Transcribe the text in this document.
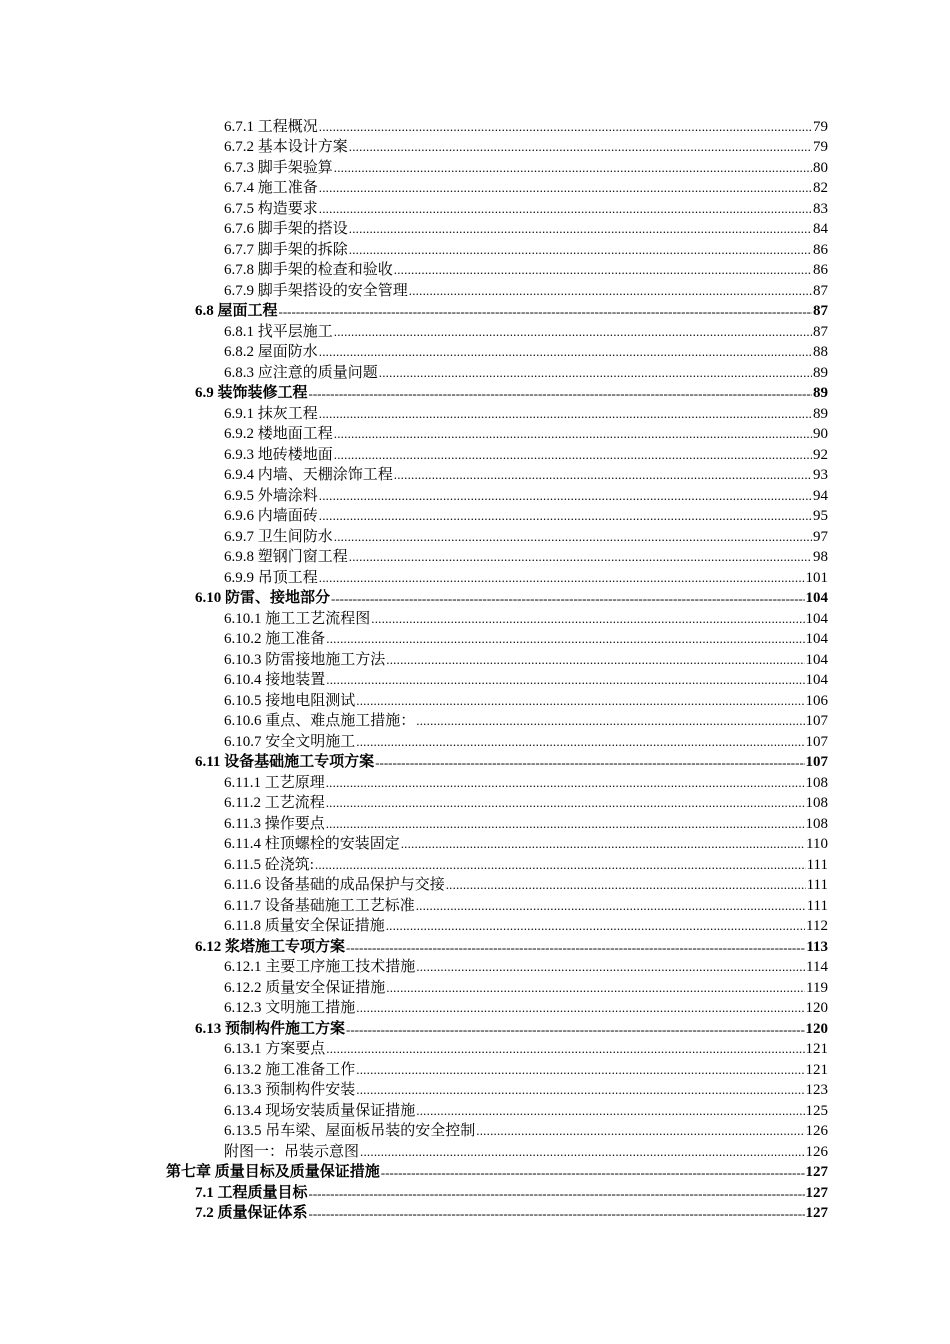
6.7.1 工程概况 .....	79
6.7.2 基本设计方案 .....	79
6.7.3 脚手架验算 .....	80
6.7.4 施工准备 .....	82
6.7.5 构造要求 .....	83
6.7.6 脚手架的搭设 .....	84
6.7.7 脚手架的拆除 .....	86
6.7.8 脚手架的检查和验收 .....	86
6.7.9 脚手架搭设的安全管理 .....	87
6.8 屋面工程 -----	87
6.8.1 找平层施工 .....	87
6.8.2 屋面防水 .....	88
6.8.3 应注意的质量问题 .....	89
6.9 装饰装修工程 -----	89
6.9.1 抹灰工程 .....	89
6.9.2 楼地面工程 .....	90
6.9.3 地砖楼地面 .....	92
6.9.4 内墙、天棚涂饰工程 .....	93
6.9.5 外墙涂料 .....	94
6.9.6 内墙面砖 .....	95
6.9.7 卫生间防水 .....	97
6.9.8 塑钢门窗工程 .....	98
6.9.9 吊顶工程 .....	101
6.10 防雷、接地部分 -----	104
6.10.1 施工工艺流程图 .....	104
6.10.2 施工准备 .....	104
6.10.3 防雷接地施工方法 .....	104
6.10.4 接地装置 .....	104
6.10.5 接地电阻测试 .....	106
6.10.6 重点、难点施工措施： .....	107
6.10.7 安全文明施工 .....	107
6.11 设备基础施工专项方案 -----	107
6.11.1 工艺原理 .....	108
6.11.2 工艺流程 .....	108
6.11.3 操作要点 .....	108
6.11.4 柱顶螺栓的安装固定 .....	110
6.11.5 砼浇筑: .....	111
6.11.6 设备基础的成品保护与交接 .....	111
6.11.7 设备基础施工工艺标准 .....	111
6.11.8 质量安全保证措施 .....	112
6.12 浆塔施工专项方案 -----	113
6.12.1 主要工序施工技术措施 .....	114
6.12.2 质量安全保证措施 .....	119
6.12.3 文明施工措施 .....	120
6.13 预制构件施工方案 -----	120
6.13.1 方案要点 .....	121
6.13.2 施工准备工作 .....	121
6.13.3 预制构件安装 .....	123
6.13.4 现场安装质量保证措施 .....	125
6.13.5 吊车梁、屋面板吊装的安全控制 .....	126
附图一：吊装示意图 .....	126
第七章 质量目标及质量保证措施 -----	127
7.1 工程质量目标 -----	127
7.2 质量保证体系 -----	127
